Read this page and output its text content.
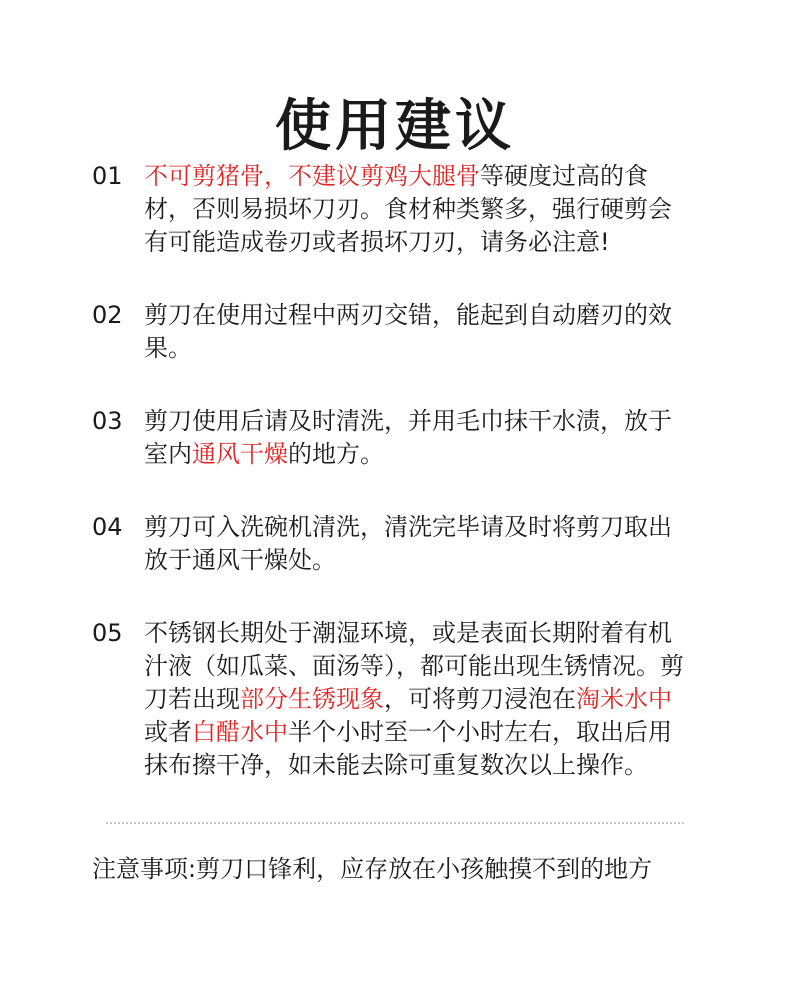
使用建议
01 不可剪猪骨，不建议剪鸡大腿骨等硬度过高的食材，否则易损坏刀刃。食材种类繁多，强行硬剪会有可能造成卷刃或者损坏刀刃，请务必注意!
02 剪刀在使用过程中两刃交错，能起到自动磨刃的效果。
03 剪刀使用后请及时清洗，并用毛巾抹干水渍，放于室内通风干燥的地方。
04 剪刀可入洗碗机清洗，清洗完毕请及时将剪刀取出放于通风干燥处。
05 不锈钢长期处于潮湿环境，或是表面长期附着有机汁液（如瓜菜、面汤等），都可能出现生锈情况。剪刀若出现部分生锈现象，可将剪刀浸泡在淘米水中或者白醋水中半个小时至一个小时左右，取出后用抹布擦干净，如未能去除可重复数次以上操作。
注意事项:剪刀口锋利，应存放在小孩触摸不到的地方
